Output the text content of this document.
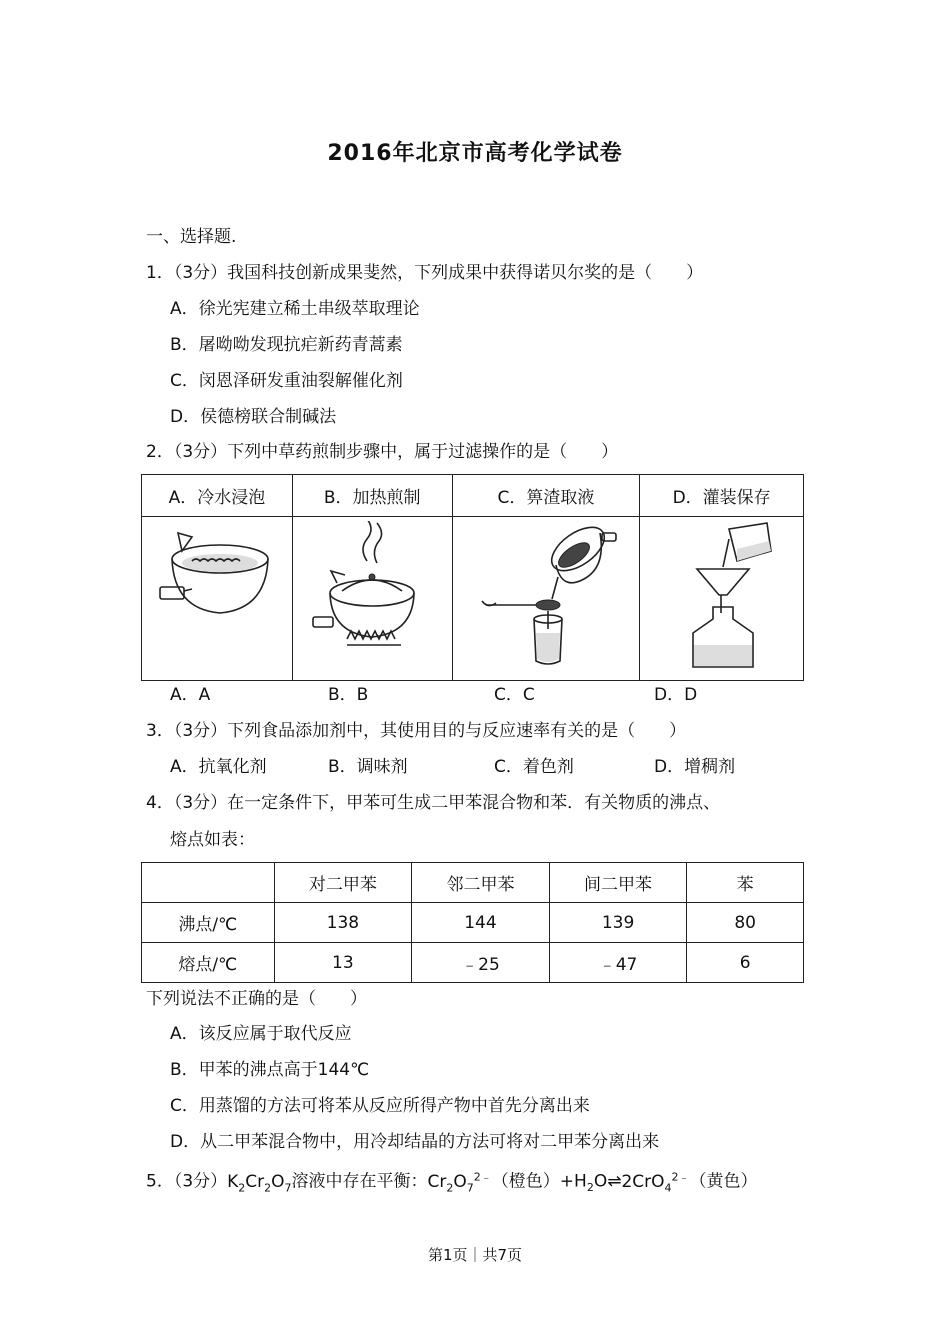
2016年北京市高考化学试卷
一、选择题.
1．（3分）我国科技创新成果斐然，下列成果中获得诺贝尔奖的是（　　）
A．徐光宪建立稀土串级萃取理论
B．屠呦呦发现抗疟新药青蒿素
C．闵恩泽研发重油裂解催化剂
D．侯德榜联合制碱法
2．（3分）下列中草药煎制步骤中，属于过滤操作的是（　　）
A．冷水浸泡	B．加热煎制	C．箅渣取液	D．灌装保存

A．A	B．B	C．C	D．D
3．（3分）下列食品添加剂中，其使用目的与反应速率有关的是（　　）
A．抗氧化剂	B．调味剂	C．着色剂	D．增稠剂
4．（3分）在一定条件下，甲苯可生成二甲苯混合物和苯．有关物质的沸点、
熔点如表：
	对二甲苯	邻二甲苯	间二甲苯	苯
沸点/℃	138	144	139	80
熔点/℃	13	﹣25	﹣47	6
下列说法不正确的是（　　）
A．该反应属于取代反应
B．甲苯的沸点高于144℃
C．用蒸馏的方法可将苯从反应所得产物中首先分离出来
D．从二甲苯混合物中，用冷却结晶的方法可将对二甲苯分离出来
5．（3分）$K_2Cr_2O_7$溶液中存在平衡：$Cr_2O_7^{2﹣}$（橙色）$+H_2O\rightleftharpoons 2CrO_4^{2﹣}$（黄色）
第1页｜共7页
